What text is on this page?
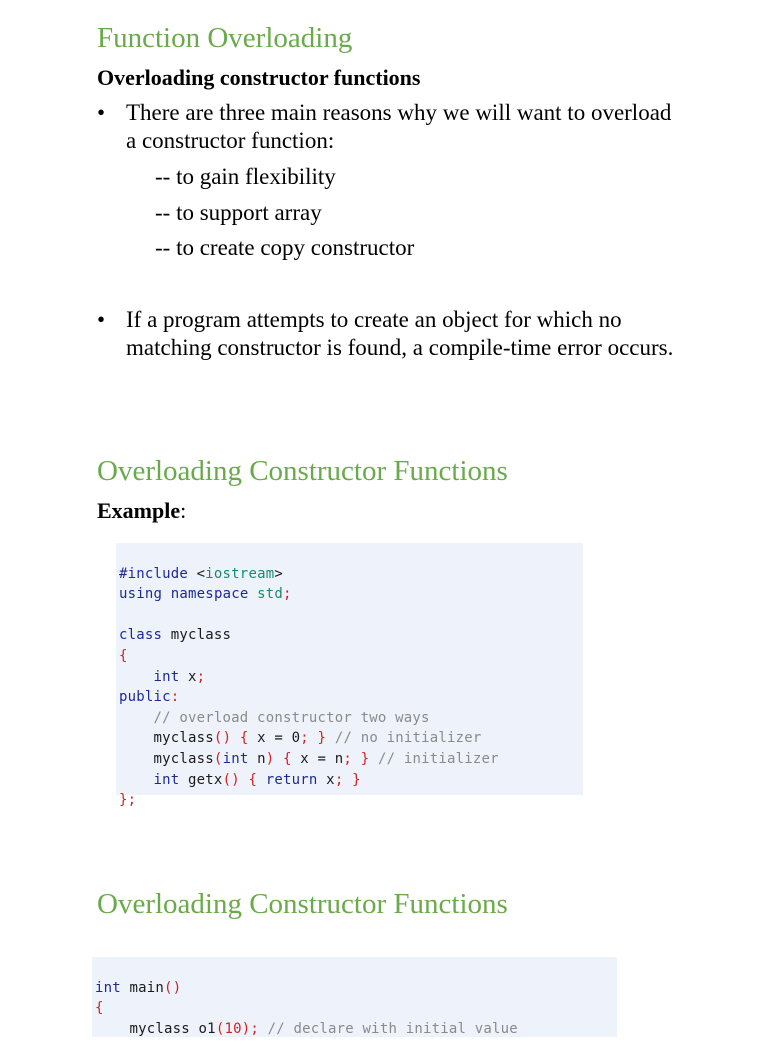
Function Overloading
Overloading constructor functions
• There are three main reasons why we will want to overload a constructor function:
-- to gain flexibility
-- to support array
-- to create copy constructor
• If a program attempts to create an object for which no matching constructor is found, a compile-time error occurs.
Overloading Constructor Functions
Example:

#include <iostream>
using namespace std;
class myclass
{
int x;
public:
// overload constructor two ways
myclass() { x = 0; } // no initializer
myclass(int n) { x = n; } // initializer
int getx() { return x; }
};

Overloading Constructor Functions

int main()
{
myclass o1(10); // declare with initial value
